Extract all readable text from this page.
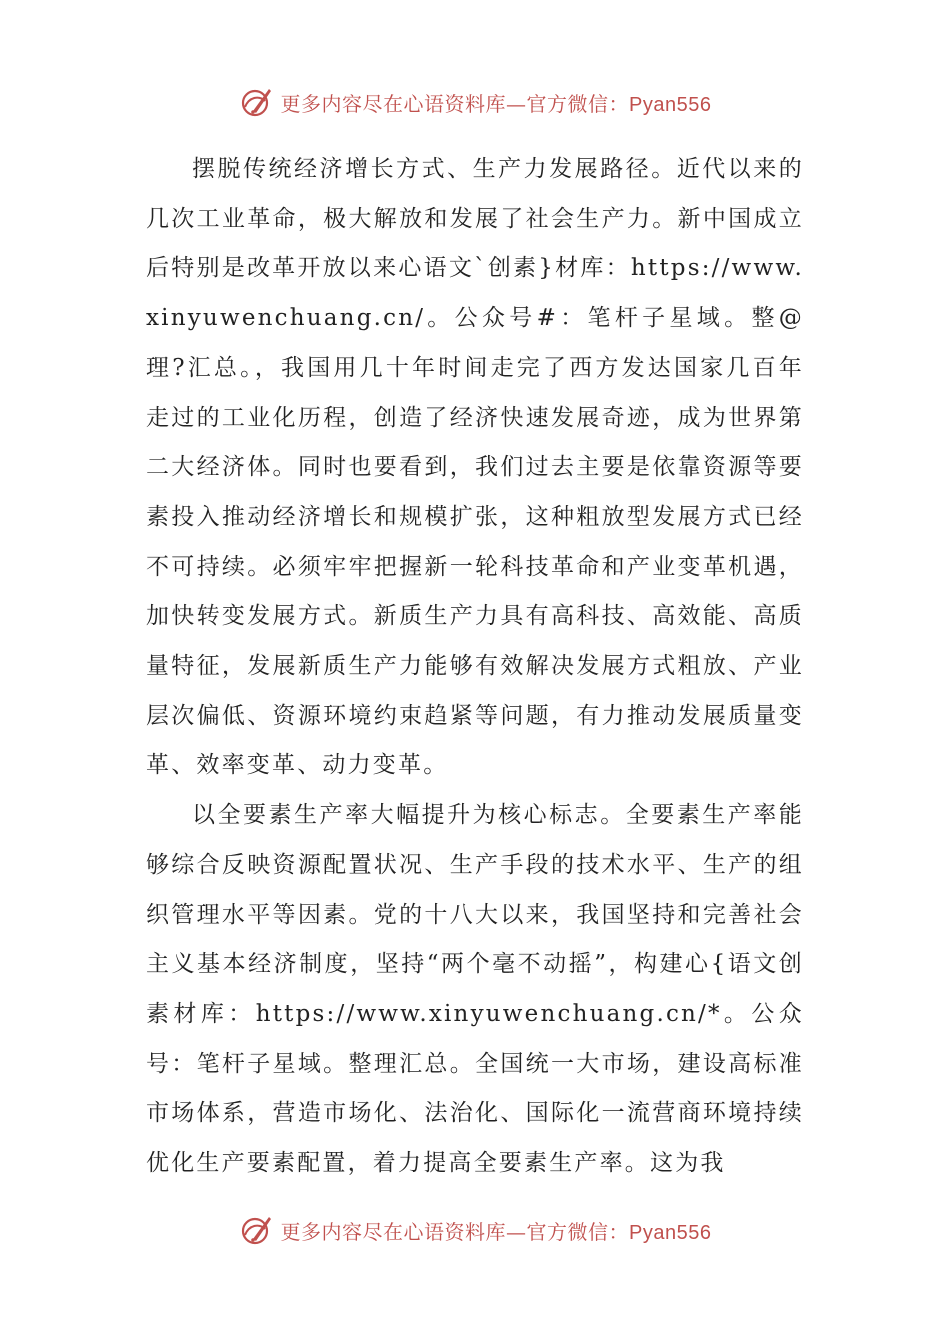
更多内容尽在心语资料库—官方微信：Pyan556

摆脱传统经济增长方式、生产力发展路径。近代以来的几次工业革命，极大解放和发展了社会生产力。新中国成立后特别是改革开放以来心语文`创素}材库：https://www.xinyuwenchuang.cn/。公众号#：笔杆子星域。整@理?汇总。，我国用几十年时间走完了西方发达国家几百年走过的工业化历程，创造了经济快速发展奇迹，成为世界第二大经济体。同时也要看到，我们过去主要是依靠资源等要素投入推动经济增长和规模扩张，这种粗放型发展方式已经不可持续。必须牢牢把握新一轮科技革命和产业变革机遇，加快转变发展方式。新质生产力具有高科技、高效能、高质量特征，发展新质生产力能够有效解决发展方式粗放、产业层次偏低、资源环境约束趋紧等问题，有力推动发展质量变革、效率变革、动力变革。

以全要素生产率大幅提升为核心标志。全要素生产率能够综合反映资源配置状况、生产手段的技术水平、生产的组织管理水平等因素。党的十八大以来，我国坚持和完善社会主义基本经济制度，坚持“两个毫不动摇”，构建心{语文创素材库：https://www.xinyuwenchuang.cn/*。公众号：笔杆子星域。整理汇总。全国统一大市场，建设高标准市场体系，营造市场化、法治化、国际化一流营商环境持续优化生产要素配置，着力提高全要素生产率。这为我

更多内容尽在心语资料库—官方微信：Pyan556
